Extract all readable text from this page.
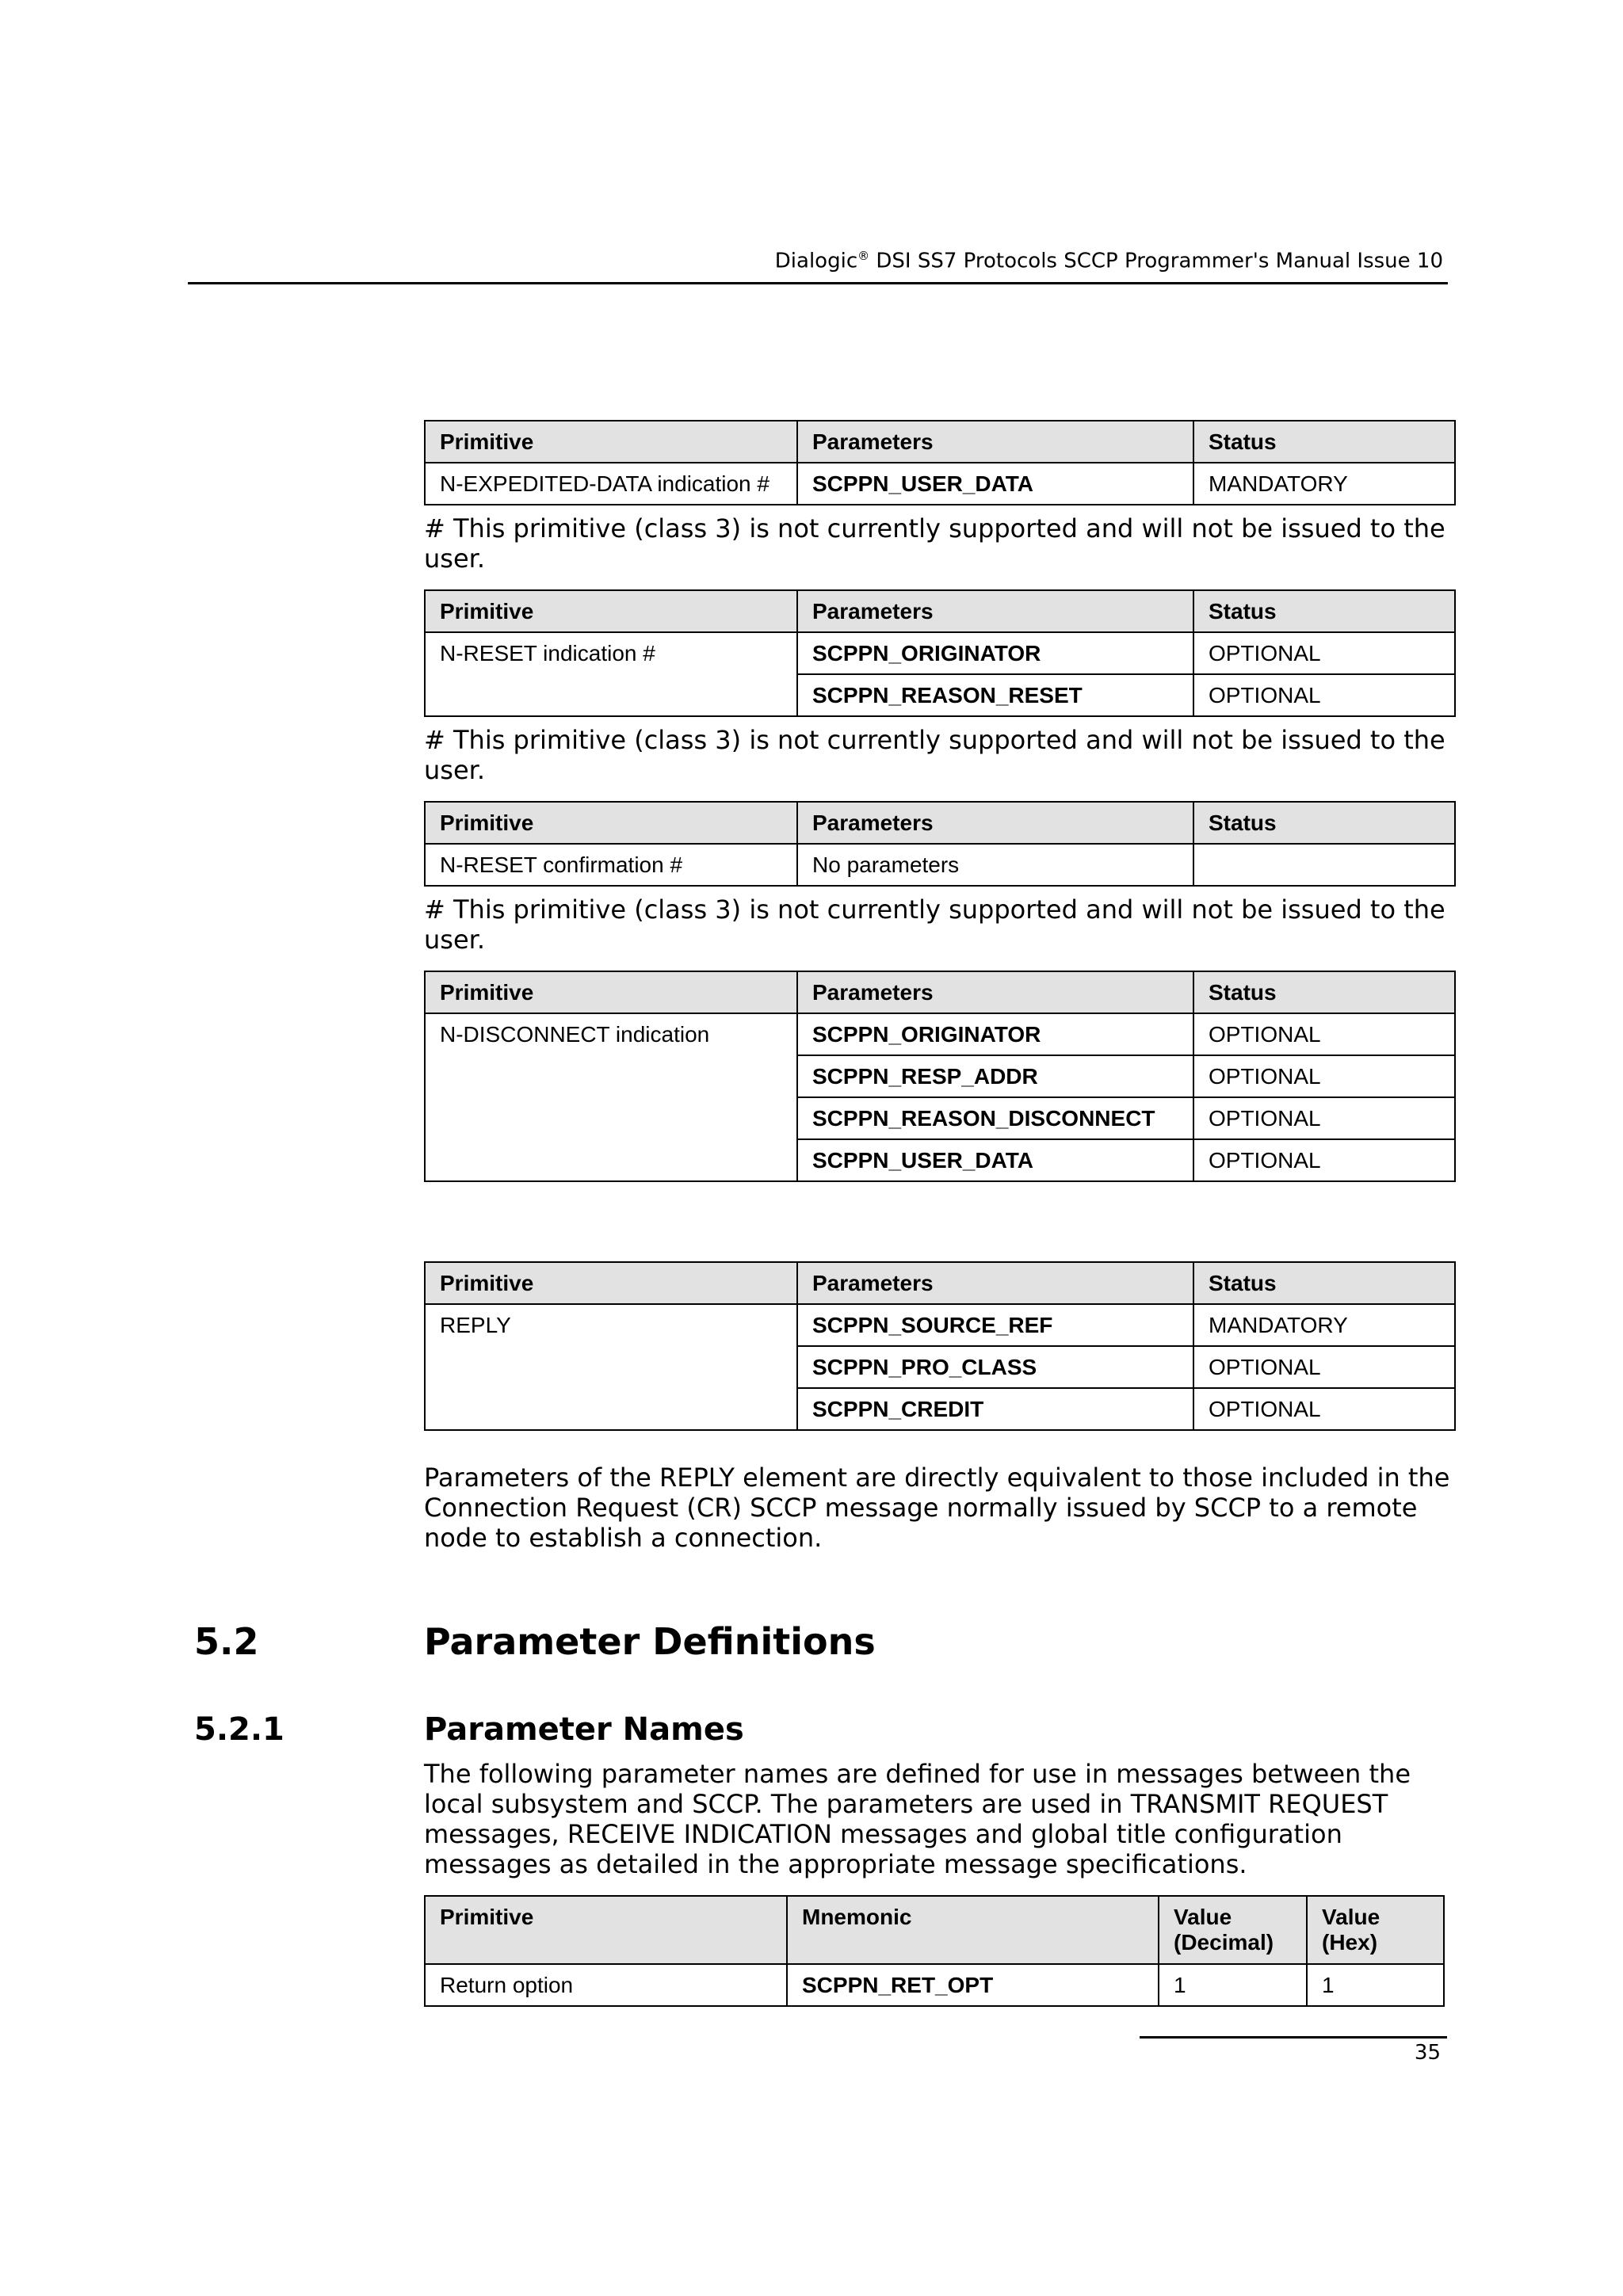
Dialogic® DSI SS7 Protocols SCCP Programmer's Manual Issue 10
Primitive	Parameters	Status
N-EXPEDITED-DATA indication #	SCPPN_USER_DATA	MANDATORY

# This primitive (class 3) is not currently supported and will not be issued to the user.

Primitive	Parameters	Status
N-RESET indication #	SCPPN_ORIGINATOR	OPTIONAL
	SCPPN_REASON_RESET	OPTIONAL

# This primitive (class 3) is not currently supported and will not be issued to the user.

Primitive	Parameters	Status
N-RESET confirmation #	No parameters	

# This primitive (class 3) is not currently supported and will not be issued to the user.

Primitive	Parameters	Status
N-DISCONNECT indication	SCPPN_ORIGINATOR	OPTIONAL
	SCPPN_RESP_ADDR	OPTIONAL
	SCPPN_REASON_DISCONNECT	OPTIONAL
	SCPPN_USER_DATA	OPTIONAL
Primitive	Parameters	Status
REPLY	SCPPN_SOURCE_REF	MANDATORY
	SCPPN_PRO_CLASS	OPTIONAL
	SCPPN_CREDIT	OPTIONAL

Parameters of the REPLY element are directly equivalent to those included in the Connection Request (CR) SCCP message normally issued by SCCP to a remote node to establish a connection.

5.2	Parameter Definitions
5.2.1	Parameter Names

The following parameter names are defined for use in messages between the local subsystem and SCCP. The parameters are used in TRANSMIT REQUEST messages, RECEIVE INDICATION messages and global title configuration messages as detailed in the appropriate message specifications.

Primitive	Mnemonic	Value (Decimal)	Value (Hex)
Return option	SCPPN_RET_OPT	1	1
35
